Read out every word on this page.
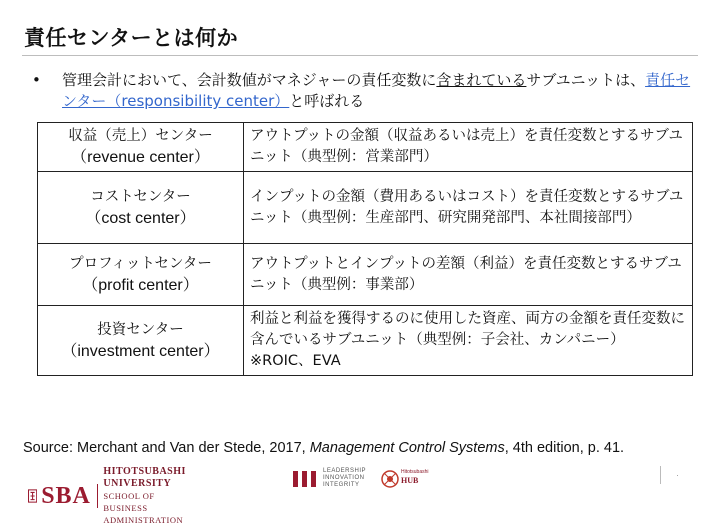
責任センターとは何か
• 管理会計において、会計数値がマネジャーの責任変数に含まれているサブユニットは、責任センター（responsibility center）と呼ばれる
収益（売上）センター
（revenue center）	アウトプットの金額（収益あるいは売上）を責任変数とするサブユニット（典型例：営業部門）

コストセンター
（cost center）	インプットの金額（費用あるいはコスト）を責任変数とするサブユニット（典型例：生産部門、研究開発部門、本社間接部門）

プロフィットセンター
（profit center）	アウトプットとインプットの差額（利益）を責任変数とするサブユニット（典型例：事業部）

投資センター
（investment center）	利益と利益を獲得するのに使用した資産、両方の金額を責任変数に含んでいるサブユニット（典型例：子会社、カンパニー）　※ROIC、EVA
Source: Merchant and Van der Stede, 2017, Management Control Systems, 4th edition, p. 41.
SBA
HITOTSUBASHI UNIVERSITY
SCHOOL OF BUSINESS ADMINISTRATION
LEADERSHIP
INNOVATION
INTEGRITY
Hitotsubashi
HUB
·
